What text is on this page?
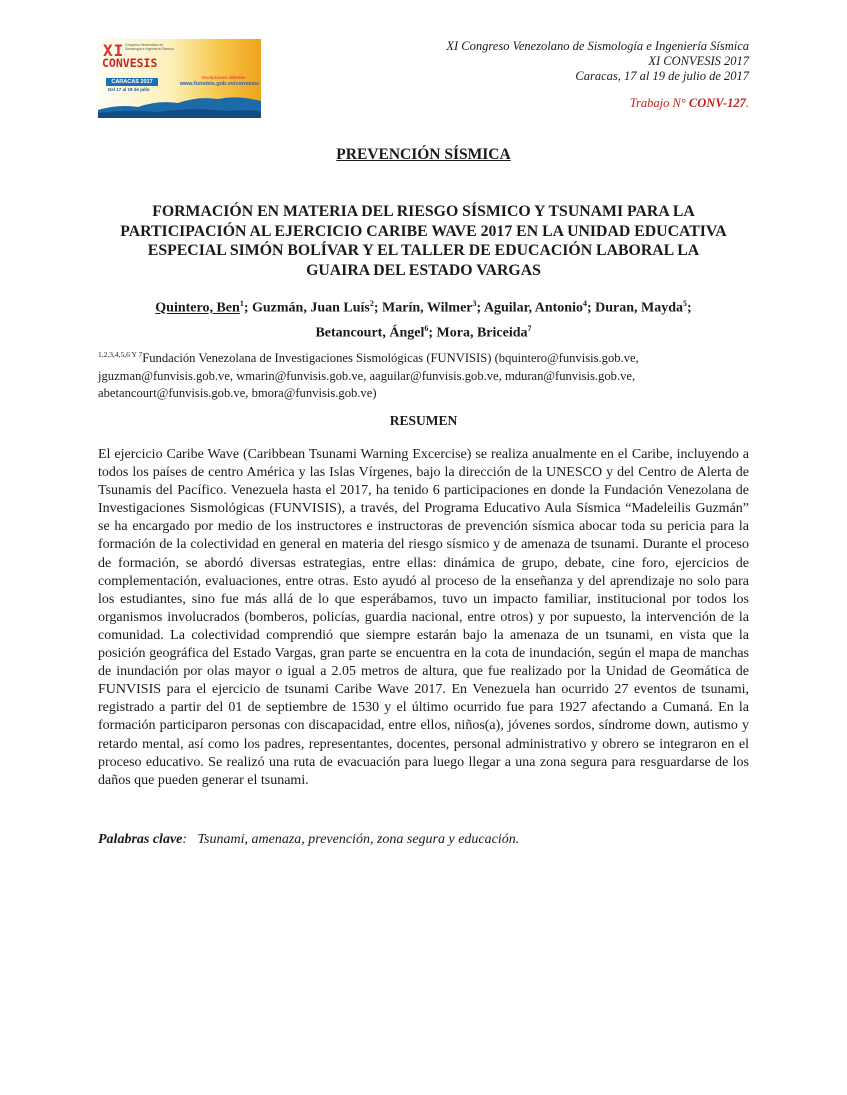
XI Congreso Venezolano de Sismología e Ingeniería Sísmica
CONVESIS
CARACAS 2017
Del 17 al 19 de julio
Inscripciones abiertas
www.funvisis.gob.ve/convesis
XI Congreso Venezolano de Sismología e Ingeniería Sísmica
XI CONVESIS 2017
Caracas, 17 al 19 de julio de 2017
Trabajo N° CONV-127.
PREVENCIÓN SÍSMICA
FORMACIÓN EN MATERIA DEL RIESGO SÍSMICO Y TSUNAMI PARA LA PARTICIPACIÓN AL EJERCICIO CARIBE WAVE 2017 EN LA UNIDAD EDUCATIVA ESPECIAL SIMÓN BOLÍVAR Y EL TALLER DE EDUCACIÓN LABORAL LA GUAIRA DEL ESTADO VARGAS
Quintero, Ben$^1$; Guzmán, Juan Luís$^2$; Marín, Wilmer$^3$; Aguilar, Antonio$^4$; Duran, Mayda$^5$;
Betancourt, Ángel$^6$; Mora, Briceida$^7$
$^{1,2,3,4,5,6 Y 7}$Fundación Venezolana de Investigaciones Sismológicas (FUNVISIS) (bquintero@funvisis.gob.ve,
jguzman@funvisis.gob.ve, wmarin@funvisis.gob.ve, aaguilar@funvisis.gob.ve, mduran@funvisis.gob.ve,
abetancourt@funvisis.gob.ve, bmora@funvisis.gob.ve)
RESUMEN

El ejercicio Caribe Wave (Caribbean Tsunami Warning Excercise) se realiza anualmente en el Caribe, incluyendo a todos los países de centro América y las Islas Vírgenes, bajo la dirección de la UNESCO y del Centro de Alerta de Tsunamis del Pacífico. Venezuela hasta el 2017, ha tenido 6 participaciones en donde la Fundación Venezolana de Investigaciones Sismológicas (FUNVISIS), a través, del Programa Educativo Aula Sísmica “Madeleilis Guzmán” se ha encargado por medio de los instructores e instructoras de prevención sísmica abocar toda su pericia para la formación de la colectividad en general en materia del riesgo sísmico y de amenaza de tsunami. Durante el proceso de formación, se abordó diversas estrategias, entre ellas: dinámica de grupo, debate, cine foro, ejercicios de complementación, evaluaciones, entre otras. Esto ayudó al proceso de la enseñanza y del aprendizaje no solo para los estudiantes, sino fue más allá de lo que esperábamos, tuvo un impacto familiar, institucional por todos los organismos involucrados (bomberos, policías, guardia nacional, entre otros) y por supuesto, la intervención de la comunidad. La colectividad comprendió que siempre estarán bajo la amenaza de un tsunami, en vista que la posición geográfica del Estado Vargas, gran parte se encuentra en la cota de inundación, según el mapa de manchas de inundación por olas mayor o igual a 2.05 metros de altura, que fue realizado por la Unidad de Geomática de FUNVISIS para el ejercicio de tsunami Caribe Wave 2017. En Venezuela han ocurrido 27 eventos de tsunami, registrado a partir del 01 de septiembre de 1530 y el último ocurrido fue para 1927 afectando a Cumaná. En la formación participaron personas con discapacidad, entre ellos, niños(a), jóvenes sordos, síndrome down, autismo y retardo mental, así como los padres, representantes, docentes, personal administrativo y obrero se integraron en el proceso educativo. Se realizó una ruta de evacuación para luego llegar a una zona segura para resguardarse de los daños que pueden generar el tsunami.

Palabras clave:   Tsunami, amenaza, prevención, zona segura y educación.
